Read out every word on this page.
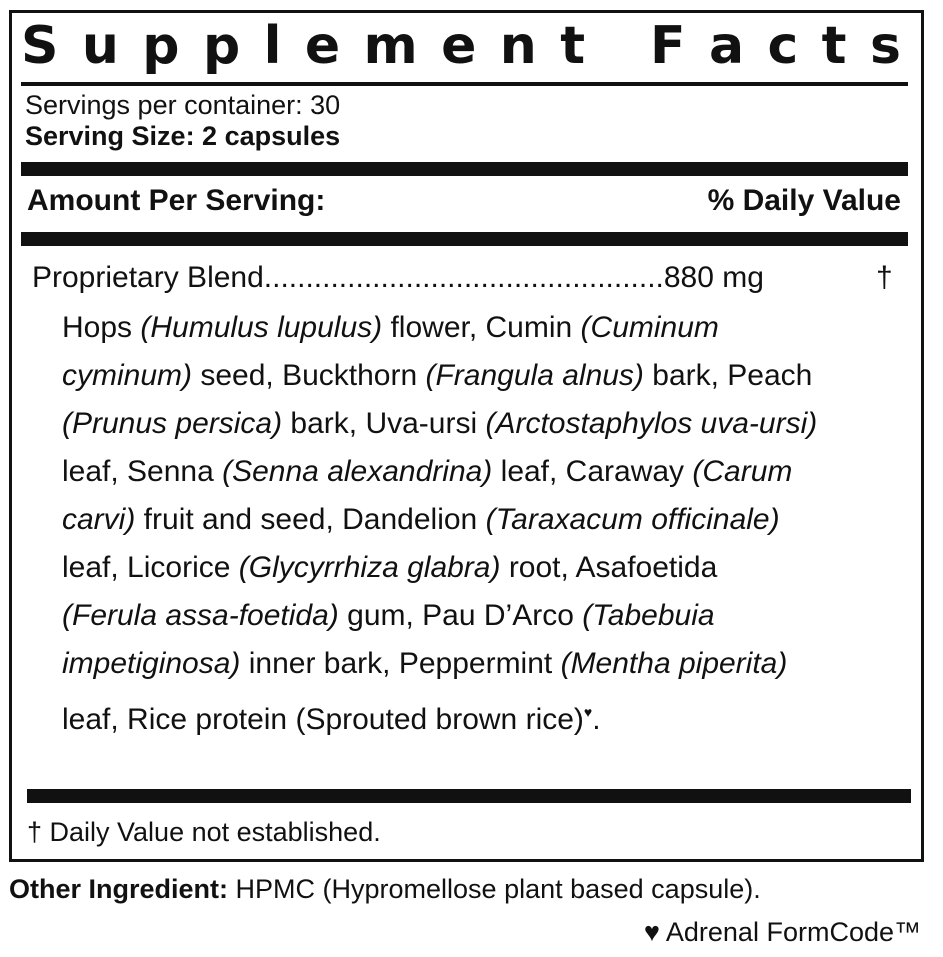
S u p p l e m e n t
F a c t s
Servings per container: 30
Serving Size: 2 capsules
Amount Per Serving:	% Daily Value
Proprietary Blend................................................880 mg	†
Hops (Humulus lupulus) flower, Cumin (Cuminum
cyminum) seed, Buckthorn (Frangula alnus) bark, Peach
(Prunus persica) bark, Uva-ursi (Arctostaphylos uva-ursi)
leaf, Senna (Senna alexandrina) leaf, Caraway (Carum
carvi) fruit and seed, Dandelion (Taraxacum officinale)
leaf, Licorice (Glycyrrhiza glabra) root, Asafoetida
(Ferula assa-foetida) gum, Pau D’Arco (Tabebuia
impetiginosa) inner bark, Peppermint (Mentha piperita)
leaf, Rice protein (Sprouted brown rice)♥.
† Daily Value not established.
Other Ingredient: HPMC (Hypromellose plant based capsule).
♥ Adrenal FormCode™
